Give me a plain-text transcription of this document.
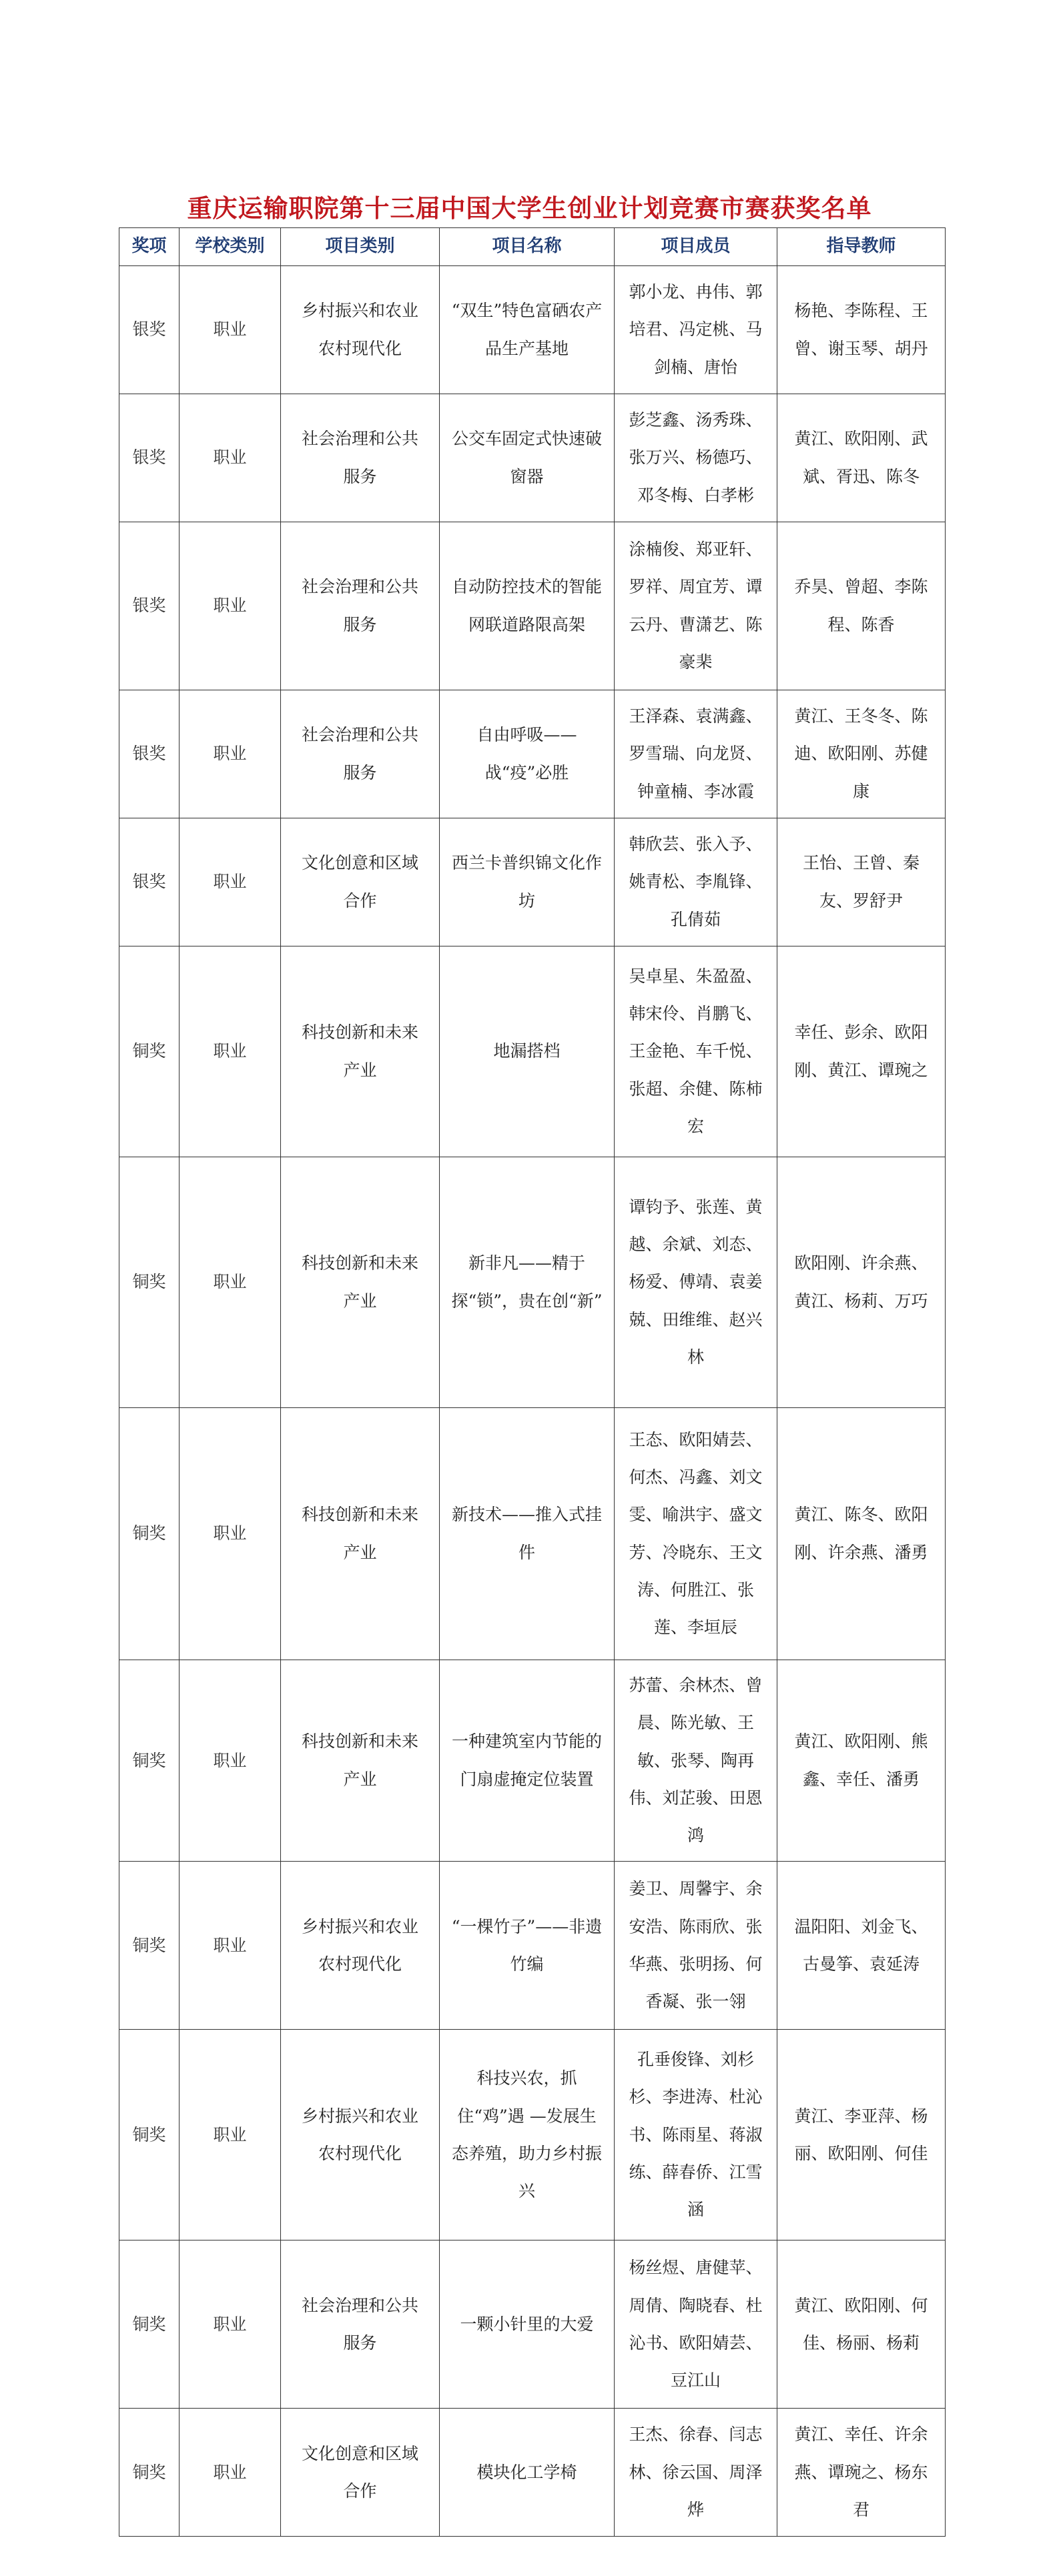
重庆运输职院第十三届中国大学生创业计划竞赛市赛获奖名单
奖项	学校类别	项目类别	项目名称	项目成员	指导教师
银奖	职业	乡村振兴和农业农村现代化	“双生”特色富硒农产品生产基地	郭小龙、冉伟、郭培君、冯定桃、马剑楠、唐怡	杨艳、李陈程、王曾、谢玉琴、胡丹
银奖	职业	社会治理和公共服务	公交车固定式快速破窗器	彭芝鑫、汤秀珠、张万兴、杨德巧、邓冬梅、白孝彬	黄江、欧阳刚、武斌、胥迅、陈冬
银奖	职业	社会治理和公共服务	自动防控技术的智能网联道路限高架	涂楠俊、郑亚轩、罗祥、周宜芳、谭云丹、曹潇艺、陈豪棐	乔昊、曾超、李陈程、陈香
银奖	职业	社会治理和公共服务	自由呼吸——战“疫”必胜	王泽森、袁满鑫、罗雪瑞、向龙贤、钟童楠、李冰霞	黄江、王冬冬、陈迪、欧阳刚、苏健康
银奖	职业	文化创意和区域合作	西兰卡普织锦文化作坊	韩欣芸、张入予、姚青松、李胤锋、孔倩茹	王怡、王曾、秦友、罗舒尹
铜奖	职业	科技创新和未来产业	地漏搭档	吴卓星、朱盈盈、韩宋伶、肖鹏飞、王金艳、车千悦、张超、余健、陈柿宏	幸任、彭余、欧阳刚、黄江、谭琬之
铜奖	职业	科技创新和未来产业	新非凡——精于探“锁”，贵在创“新”	谭钧予、张莲、黄越、余斌、刘态、杨爱、傅靖、袁姜兢、田维维、赵兴林	欧阳刚、许余燕、黄江、杨莉、万巧
铜奖	职业	科技创新和未来产业	新技术——推入式挂件	王态、欧阳婧芸、何杰、冯鑫、刘文雯、喻洪宇、盛文芳、冷晓东、王文涛、何胜江、张莲、李垣辰	黄江、陈冬、欧阳刚、许余燕、潘勇
铜奖	职业	科技创新和未来产业	一种建筑室内节能的门扇虚掩定位装置	苏蕾、余林杰、曾晨、陈光敏、王敏、张琴、陶再伟、刘芷骏、田恩鸿	黄江、欧阳刚、熊鑫、幸任、潘勇
铜奖	职业	乡村振兴和农业农村现代化	“一棵竹子”——非遗竹编	姜卫、周馨宇、余安浩、陈雨欣、张华燕、张明扬、何香凝、张一翎	温阳阳、刘金飞、古曼筝、袁延涛
铜奖	职业	乡村振兴和农业农村现代化	科技兴农，抓住“鸡”遇 —发展生态养殖，助力乡村振兴	孔垂俊锋、刘杉杉、李进涛、杜沁书、陈雨星、蒋淑练、薛春侨、江雪涵	黄江、李亚萍、杨丽、欧阳刚、何佳
铜奖	职业	社会治理和公共服务	一颗小针里的大爱	杨丝煜、唐健苹、周倩、陶晓春、杜沁书、欧阳婧芸、豆江山	黄江、欧阳刚、何佳、杨丽、杨莉
铜奖	职业	文化创意和区域合作	模块化工学椅	王杰、徐春、闫志林、徐云国、周泽烨	黄江、幸任、许余燕、谭琬之、杨东君
